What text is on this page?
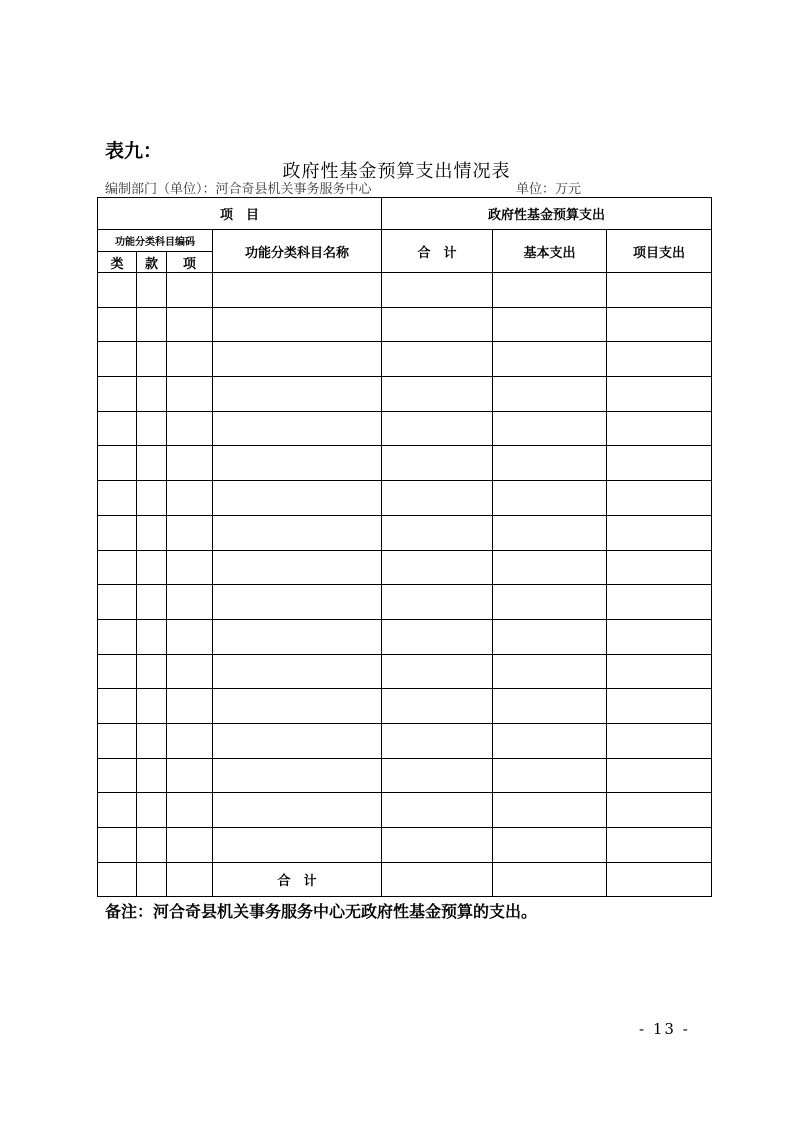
表九：
政府性基金预算支出情况表
编制部门（单位）：河合奇县机关事务服务中心	单位：万元
项　目				政府性基金预算支出		
功能分类科目编码			功能分类科目名称	合　计	基本支出	项目支出
类	款	项				

			合　计			
备注：河合奇县机关事务服务中心无政府性基金预算的支出。
- 13 -
